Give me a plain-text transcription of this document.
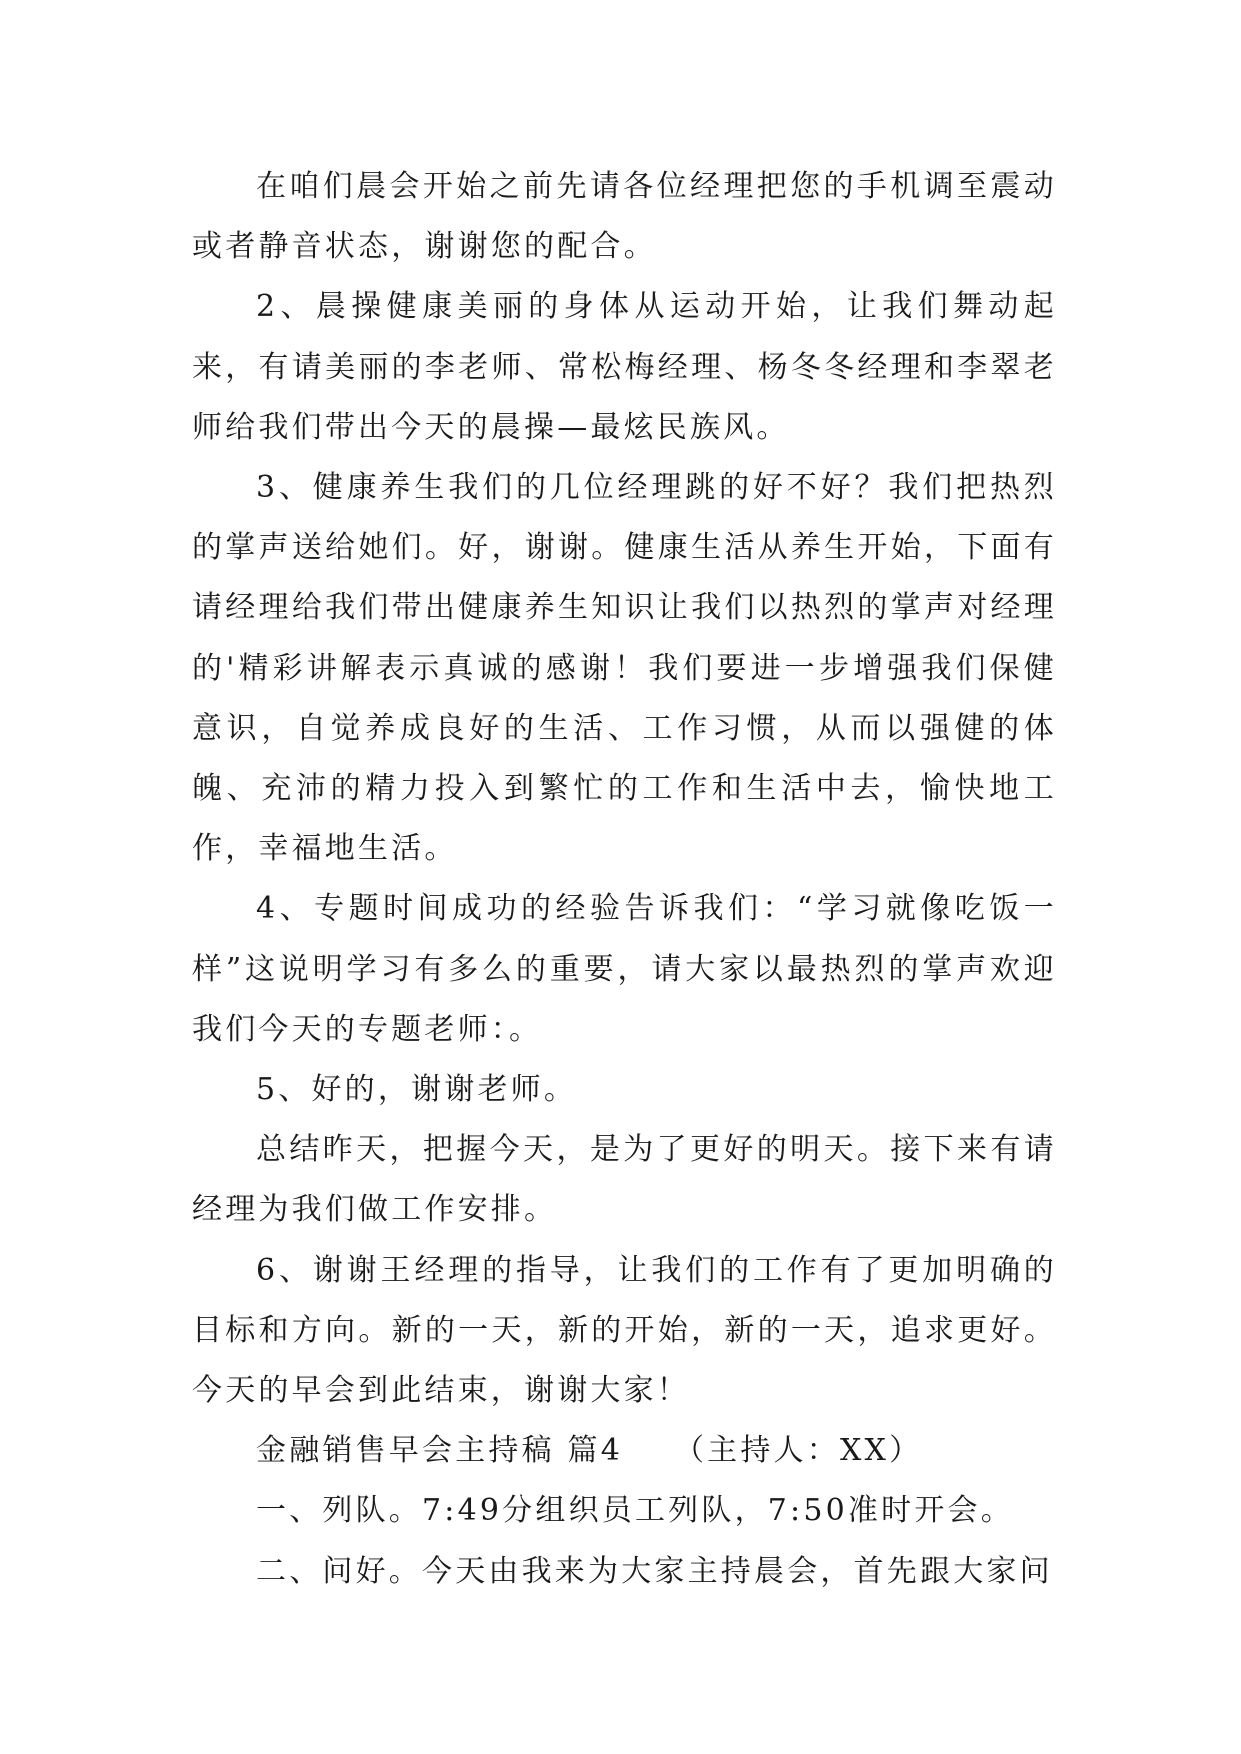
在咱们晨会开始之前先请各位经理把您的手机调至震动或者静音状态，谢谢您的配合。

2、晨操健康美丽的身体从运动开始，让我们舞动起来，有请美丽的李老师、常松梅经理、杨冬冬经理和李翠老师给我们带出今天的晨操—最炫民族风。

3、健康养生我们的几位经理跳的好不好？我们把热烈的掌声送给她们。好，谢谢。健康生活从养生开始，下面有请经理给我们带出健康养生知识让我们以热烈的掌声对经理的'精彩讲解表示真诚的感谢！我们要进一步增强我们保健意识，自觉养成良好的生活、工作习惯，从而以强健的体魄、充沛的精力投入到繁忙的工作和生活中去，愉快地工作，幸福地生活。

4、专题时间成功的经验告诉我们：“学习就像吃饭一样”这说明学习有多么的重要，请大家以最热烈的掌声欢迎我们今天的专题老师：。

5、好的，谢谢老师。

总结昨天，把握今天，是为了更好的明天。接下来有请经理为我们做工作安排。

6、谢谢王经理的指导，让我们的工作有了更加明确的目标和方向。新的一天，新的开始，新的一天，追求更好。今天的早会到此结束，谢谢大家！

金融销售早会主持稿 篇4    （主持人：XX）

一、列队。7:49分组织员工列队，7:50准时开会。

二、问好。今天由我来为大家主持晨会，首先跟大家问
